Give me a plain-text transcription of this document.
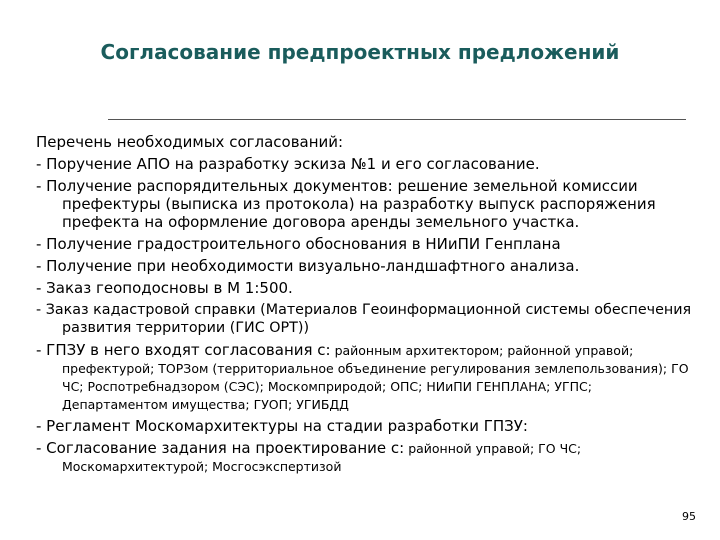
Согласование предпроектных предложений
Перечень необходимых согласований:
- Поручение АПО на разработку эскиза №1 и его согласование.
- Получение распорядительных документов: решение земельной комиссии префектуры (выписка из протокола) на разработку выпуск распоряжения префекта на оформление договора аренды земельного участка.
- Получение градостроительного обоснования в НИиПИ Генплана
- Получение при необходимости визуально-ландшафтного анализа.
- Заказ геоподосновы в М 1:500.
- Заказ кадастровой справки (Материалов Геоинформационной системы обеспечения развития территории (ГИС ОРТ))
- ГПЗУ в него входят согласования с: районным архитектором; районной управой; префектурой; ТОРЗом (территориальное объединение регулирования землепользования); ГО ЧС; Роспотребнадзором (СЭС); Москомприродой; ОПС; НИиПИ ГЕНПЛАНА; УГПС; Департаментом имущества; ГУОП; УГИБДД
- Регламент Москомархитектуры на стадии разработки ГПЗУ:
- Согласование задания на проектирование с: районной управой; ГО ЧС; Москомархитектурой; Мосгосэкспертизой
95
